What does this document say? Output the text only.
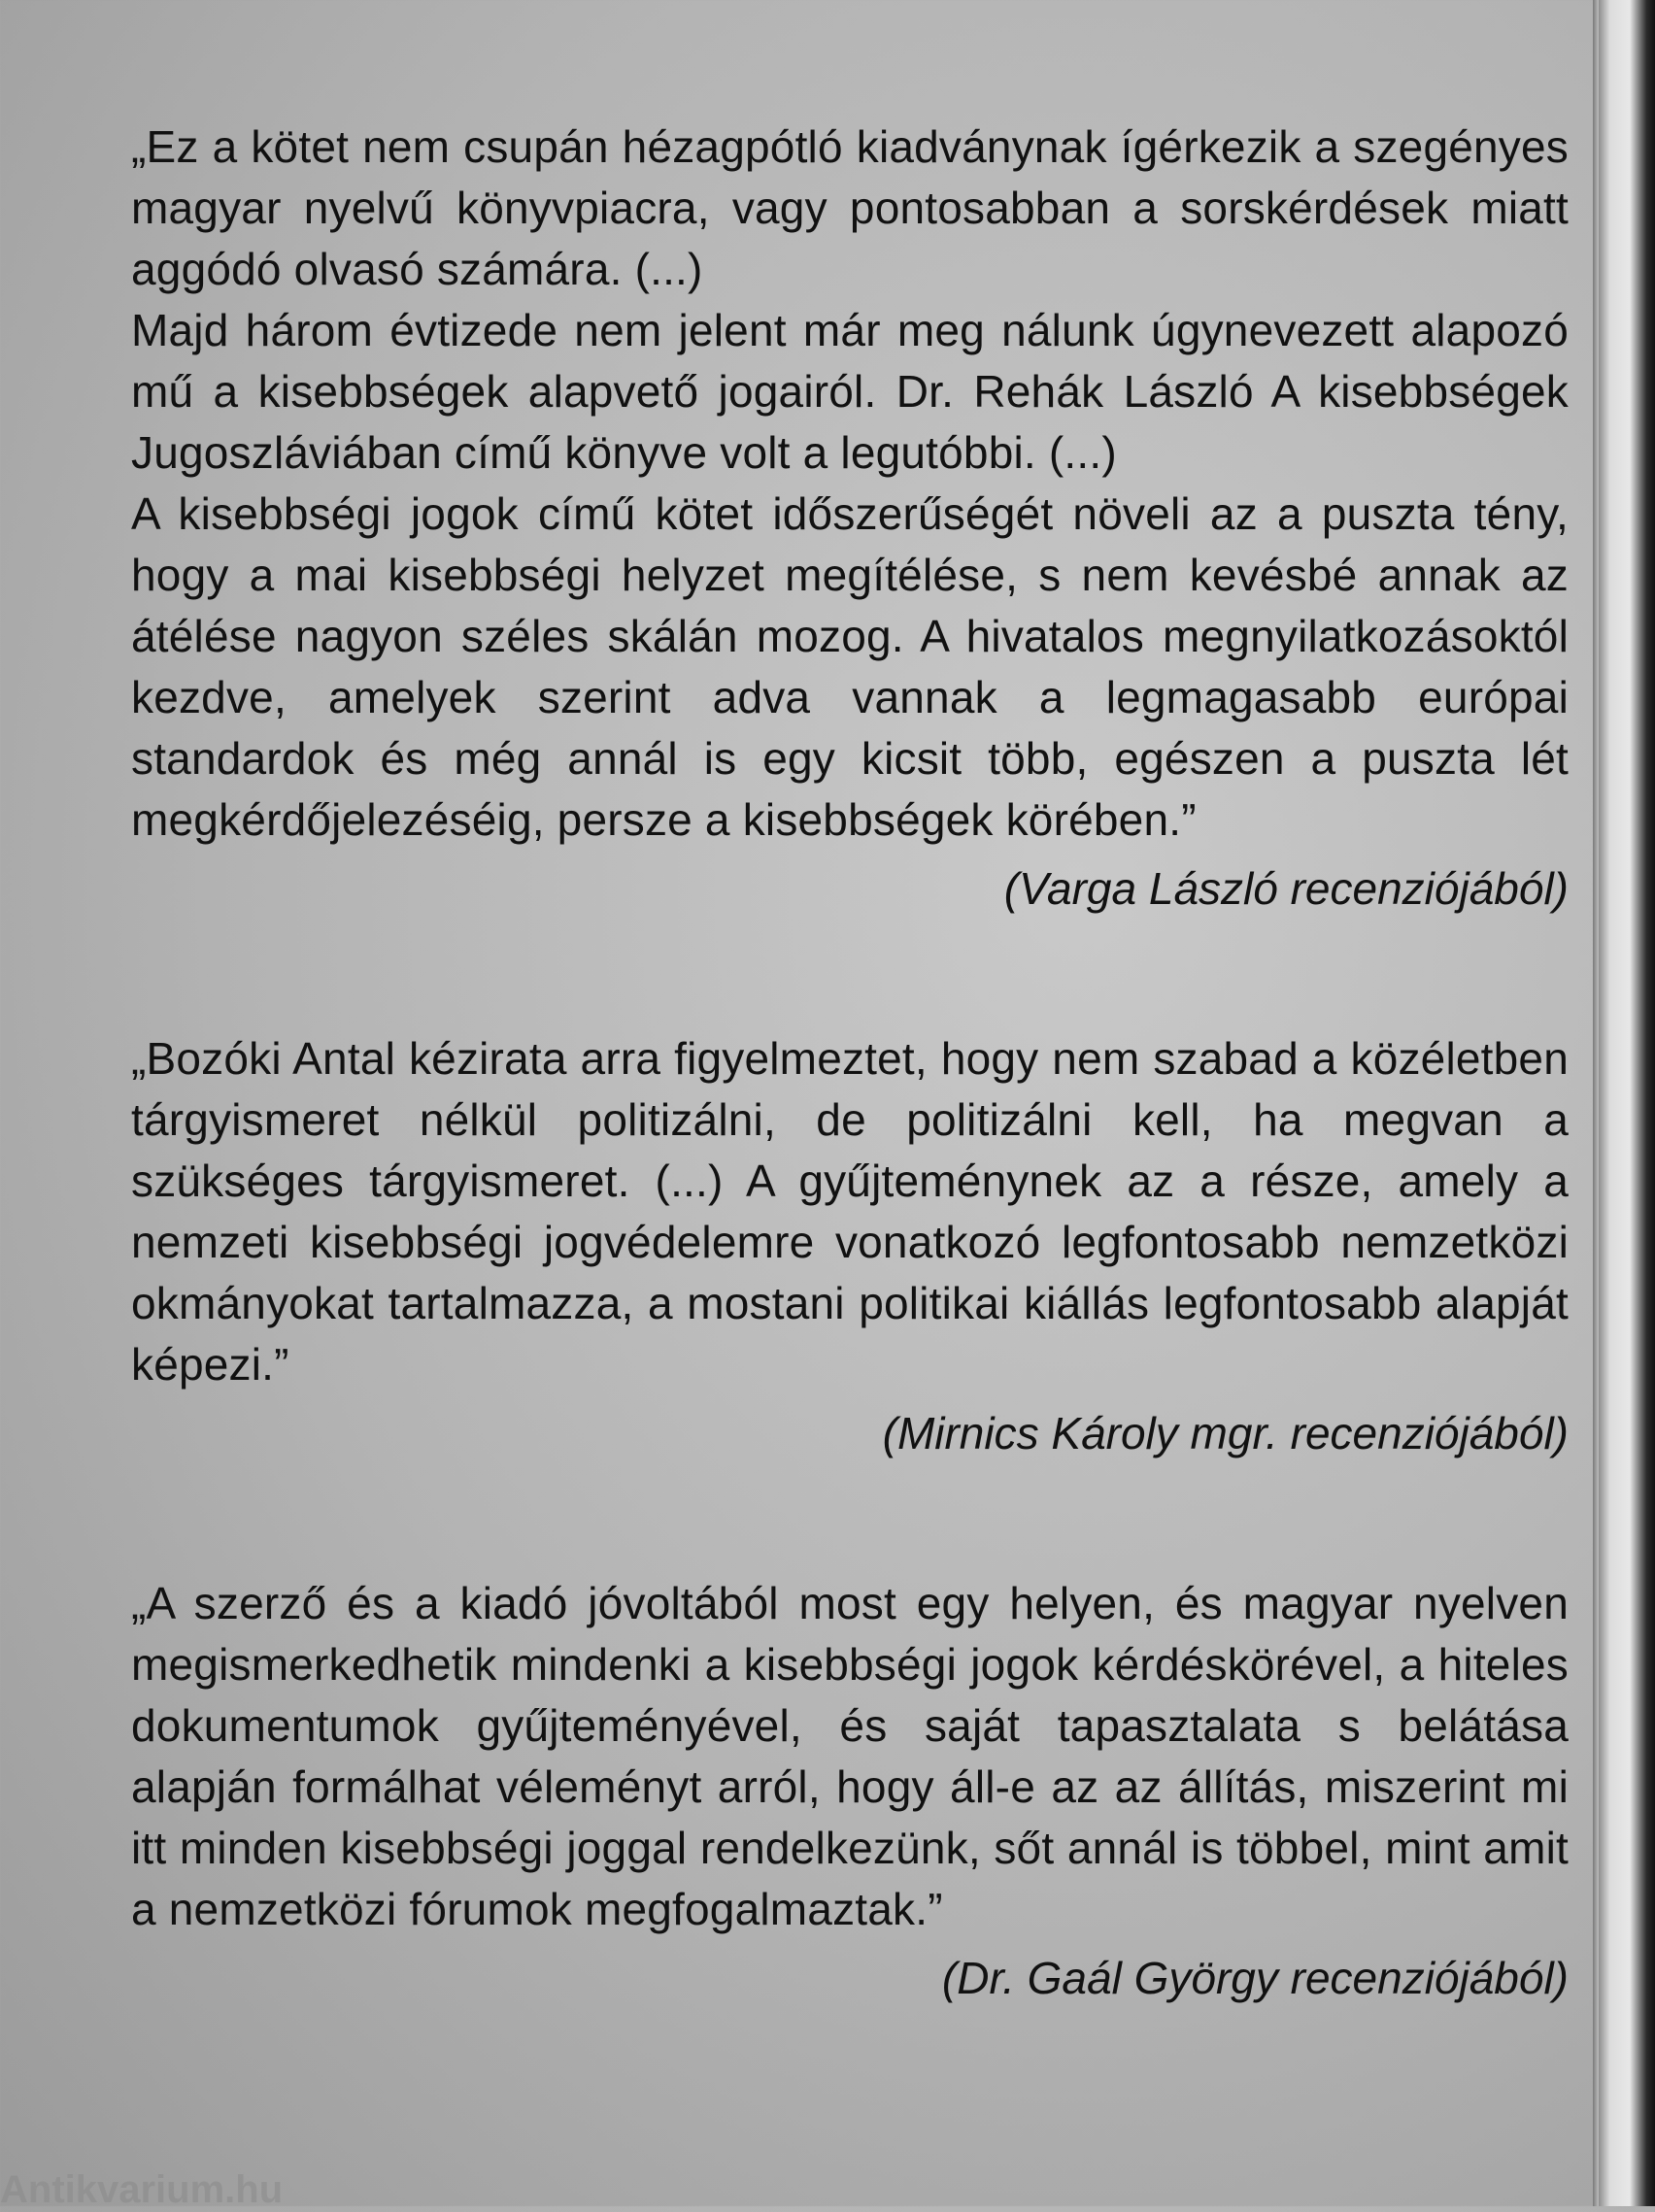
„Ez a kötet nem csupán hézagpótló kiadványnak ígérkezik a szegényes magyar nyelvű könyvpiacra, vagy pontosabban a sorskérdések miatt aggódó olvasó számára. (...)

Majd három évtizede nem jelent már meg nálunk úgynevezett alapozó mű a kisebbségek alapvető jogairól. Dr. Rehák László A kisebbségek Jugoszláviában című könyve volt a legutóbbi. (...)

A kisebbségi jogok című kötet időszerűségét növeli az a puszta tény, hogy a mai kisebbségi helyzet megítélése, s nem kevésbé annak az átélése nagyon széles skálán mozog. A hivatalos megnyilatkozásoktól kezdve, amelyek szerint adva vannak a legmagasabb európai standardok és még annál is egy kicsit több, egészen a puszta lét megkérdőjelezéséig, persze a kisebbségek körében.”

(Varga László recenziójából)

„Bozóki Antal kézirata arra figyelmeztet, hogy nem szabad a közéletben tárgyismeret nélkül politizálni, de politizálni kell, ha megvan a szükséges tárgyismeret. (...) A gyűjteménynek az a része, amely a nemzeti kisebbségi jogvédelemre vonatkozó legfontosabb nemzetközi okmányokat tartalmazza, a mostani politikai kiállás legfontosabb alapját képezi.”

(Mirnics Károly mgr. recenziójából)

„A szerző és a kiadó jóvoltából most egy helyen, és magyar nyelven megismerkedhetik mindenki a kisebbségi jogok kérdéskörével, a hiteles dokumentumok gyűjteményével, és saját tapasztalata s belátása alapján formálhat véleményt arról, hogy áll-e az az állítás, miszerint mi itt minden kisebbségi joggal rendelkezünk, sőt annál is többel, mint amit a nemzetközi fórumok megfogalmaztak.”

(Dr. Gaál György recenziójából)
Antikvarium.hu
